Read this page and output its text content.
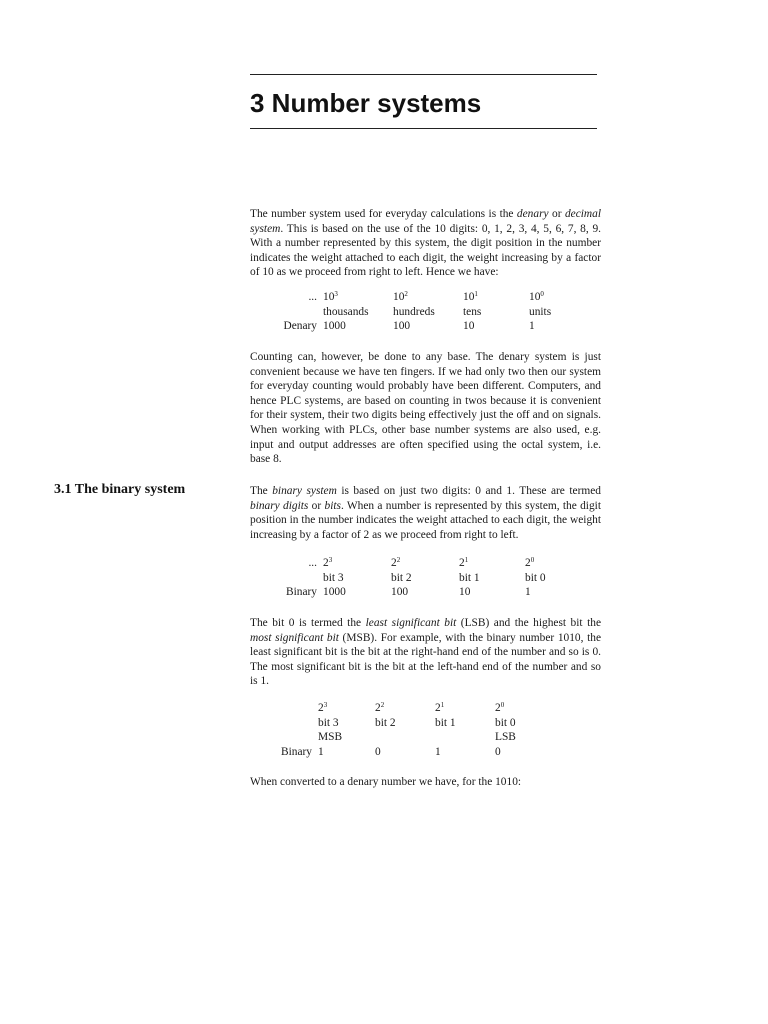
3 Number systems

The number system used for everyday calculations is the denary or decimal system. This is based on the use of the 10 digits: 0, 1, 2, 3, 4, 5, 6, 7, 8, 9. With a number represented by this system, the digit position in the number indicates the weight attached to each digit, the weight increasing by a factor of 10 as we proceed from right to left. Hence we have:

...	$10^3$	$10^2$	$10^1$	$10^0$
	thousands	hundreds	tens	units
Denary	1000	100	10	1

Counting can, however, be done to any base. The denary system is just convenient because we have ten fingers. If we had only two then our system for everyday counting would probably have been different. Computers, and hence PLC systems, are based on counting in twos because it is convenient for their system, their two digits being effectively just the off and on signals. When working with PLCs, other base number systems are also used, e.g. input and output addresses are often specified using the octal system, i.e. base 8.

3.1 The binary system	The binary system is based on just two digits: 0 and 1. These are termed binary digits or bits. When a number is represented by this system, the digit position in the number indicates the weight attached to each digit, the weight increasing by a factor of 2 as we proceed from right to left.

...	$2^3$	$2^2$	$2^1$	$2^0$
	bit 3	bit 2	bit 1	bit 0
Binary	1000	100	10	1

The bit 0 is termed the least significant bit (LSB) and the highest bit the most significant bit (MSB). For example, with the binary number 1010, the least significant bit is the bit at the right-hand end of the number and so is 0. The most significant bit is the bit at the left-hand end of the number and so is 1.

	$2^3$	$2^2$	$2^1$	$2^0$
	bit 3	bit 2	bit 1	bit 0
	MSB			LSB
Binary	1	0	1	0

When converted to a denary number we have, for the 1010:
